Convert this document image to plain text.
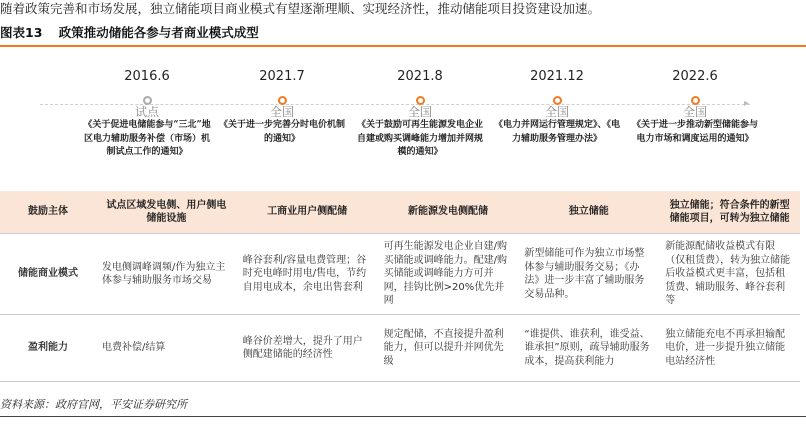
随着政策完善和市场发展，独立储能项目商业模式有望逐渐理顺、实现经济性，推动储能项目投资建设加速。
图表13 政策推动储能各参与者商业模式成型
▸
2016.6
试点
《关于促进电储能参与“三北”地区电力辅助服务补偿（市场）机制试点工作的通知》
2021.7
全国
《关于进一步完善分时电价机制的通知》
2021.8
全国
《关于鼓励可再生能源发电企业自建或购买调峰能力增加并网规模的通知》
2021.12
全国
《电力并网运行管理规定》、《电力辅助服务管理办法》
2022.6
全国
《关于进一步推动新型储能参与电力市场和调度运用的通知》
鼓励主体	试点区域发电侧、用户侧电储能设施	工商业用户侧配储	新能源发电侧配储	独立储能	独立储能；符合条件的新型储能项目，可转为独立储能
储能商业模式	发电侧调峰调频/作为独立主体参与辅助服务市场交易	峰谷套利/容量电费管理；谷时充电峰时用电/售电，节约自用电成本，余电出售套利	可再生能源发电企业自建/购买储能或调峰能力。配建/购买储能或调峰能力方可并网，挂钩比例>20%优先并网	新型储能可作为独立市场整体参与辅助服务交易；《办法》进一步丰富了辅助服务交易品种。	新能源配储收益模式有限（仅租赁费），转为独立储能后收益模式更丰富，包括租赁费、辅助服务、峰谷套利等
盈利能力	电费补偿/结算	峰谷价差增大，提升了用户侧配建储能的经济性	规定配储，不直接提升盈利能力，但可以提升并网优先级	“谁提供、谁获利，谁受益、谁承担”原则，疏导辅助服务成本，提高获利能力	独立储能充电不再承担输配电价，进一步提升独立储能电站经济性
资料来源：政府官网，平安证券研究所
